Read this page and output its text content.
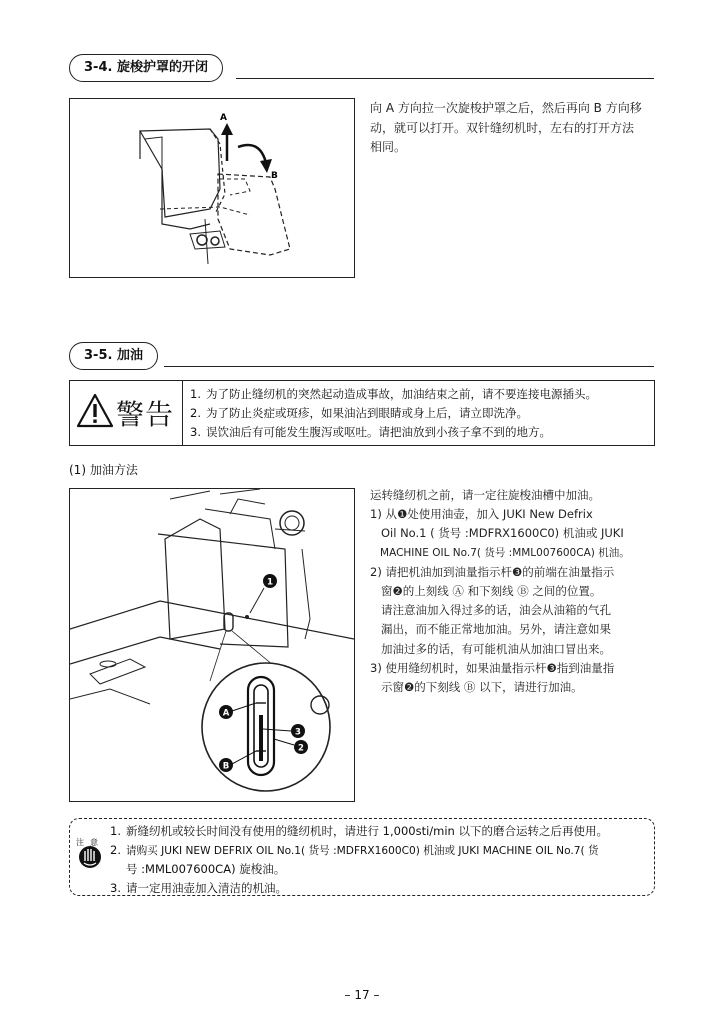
3-4. 旋梭护罩的开闭
A
B
向 A 方向拉一次旋梭护罩之后，然后再向 B 方向移
动，就可以打开。双针缝纫机时，左右的打开方法
相同。
3-5. 加油
警告
1. 为了防止缝纫机的突然起动造成事故，加油结束之前，请不要连接电源插头。
2. 为了防止炎症或斑疹，如果油沾到眼睛或身上后，请立即洗净。
3. 误饮油后有可能发生腹泻或呕吐。请把油放到小孩子拿不到的地方。
(1) 加油方法
1
A
B
3
2
运转缝纫机之前，请一定往旋梭油槽中加油。
1) 从❶处使用油壶，加入 JUKI New Defrix
Oil No.1 ( 货号 :MDFRX1600C0) 机油或 JUKI
MACHINE OIL No.7( 货号 :MML007600CA) 机油。
2) 请把机油加到油量指示杆❸的前端在油量指示
窗❷的上刻线 Ⓐ 和下刻线 Ⓑ 之间的位置。
请注意油加入得过多的话，油会从油箱的气孔
漏出，而不能正常地加油。另外，请注意如果
加油过多的话，有可能机油从加油口冒出来。
3) 使用缝纫机时，如果油量指示杆❸指到油量指
示窗❷的下刻线 Ⓑ 以下，请进行加油。
注意
1. 新缝纫机或较长时间没有使用的缝纫机时，请进行 1,000sti/min 以下的磨合运转之后再使用。
2. 请购买 JUKI NEW DEFRIX OIL No.1( 货号 :MDFRX1600C0) 机油或 JUKI MACHINE OIL No.7( 货
号 :MML007600CA) 旋梭油。
3. 请一定用油壶加入清洁的机油。
– 17 –
